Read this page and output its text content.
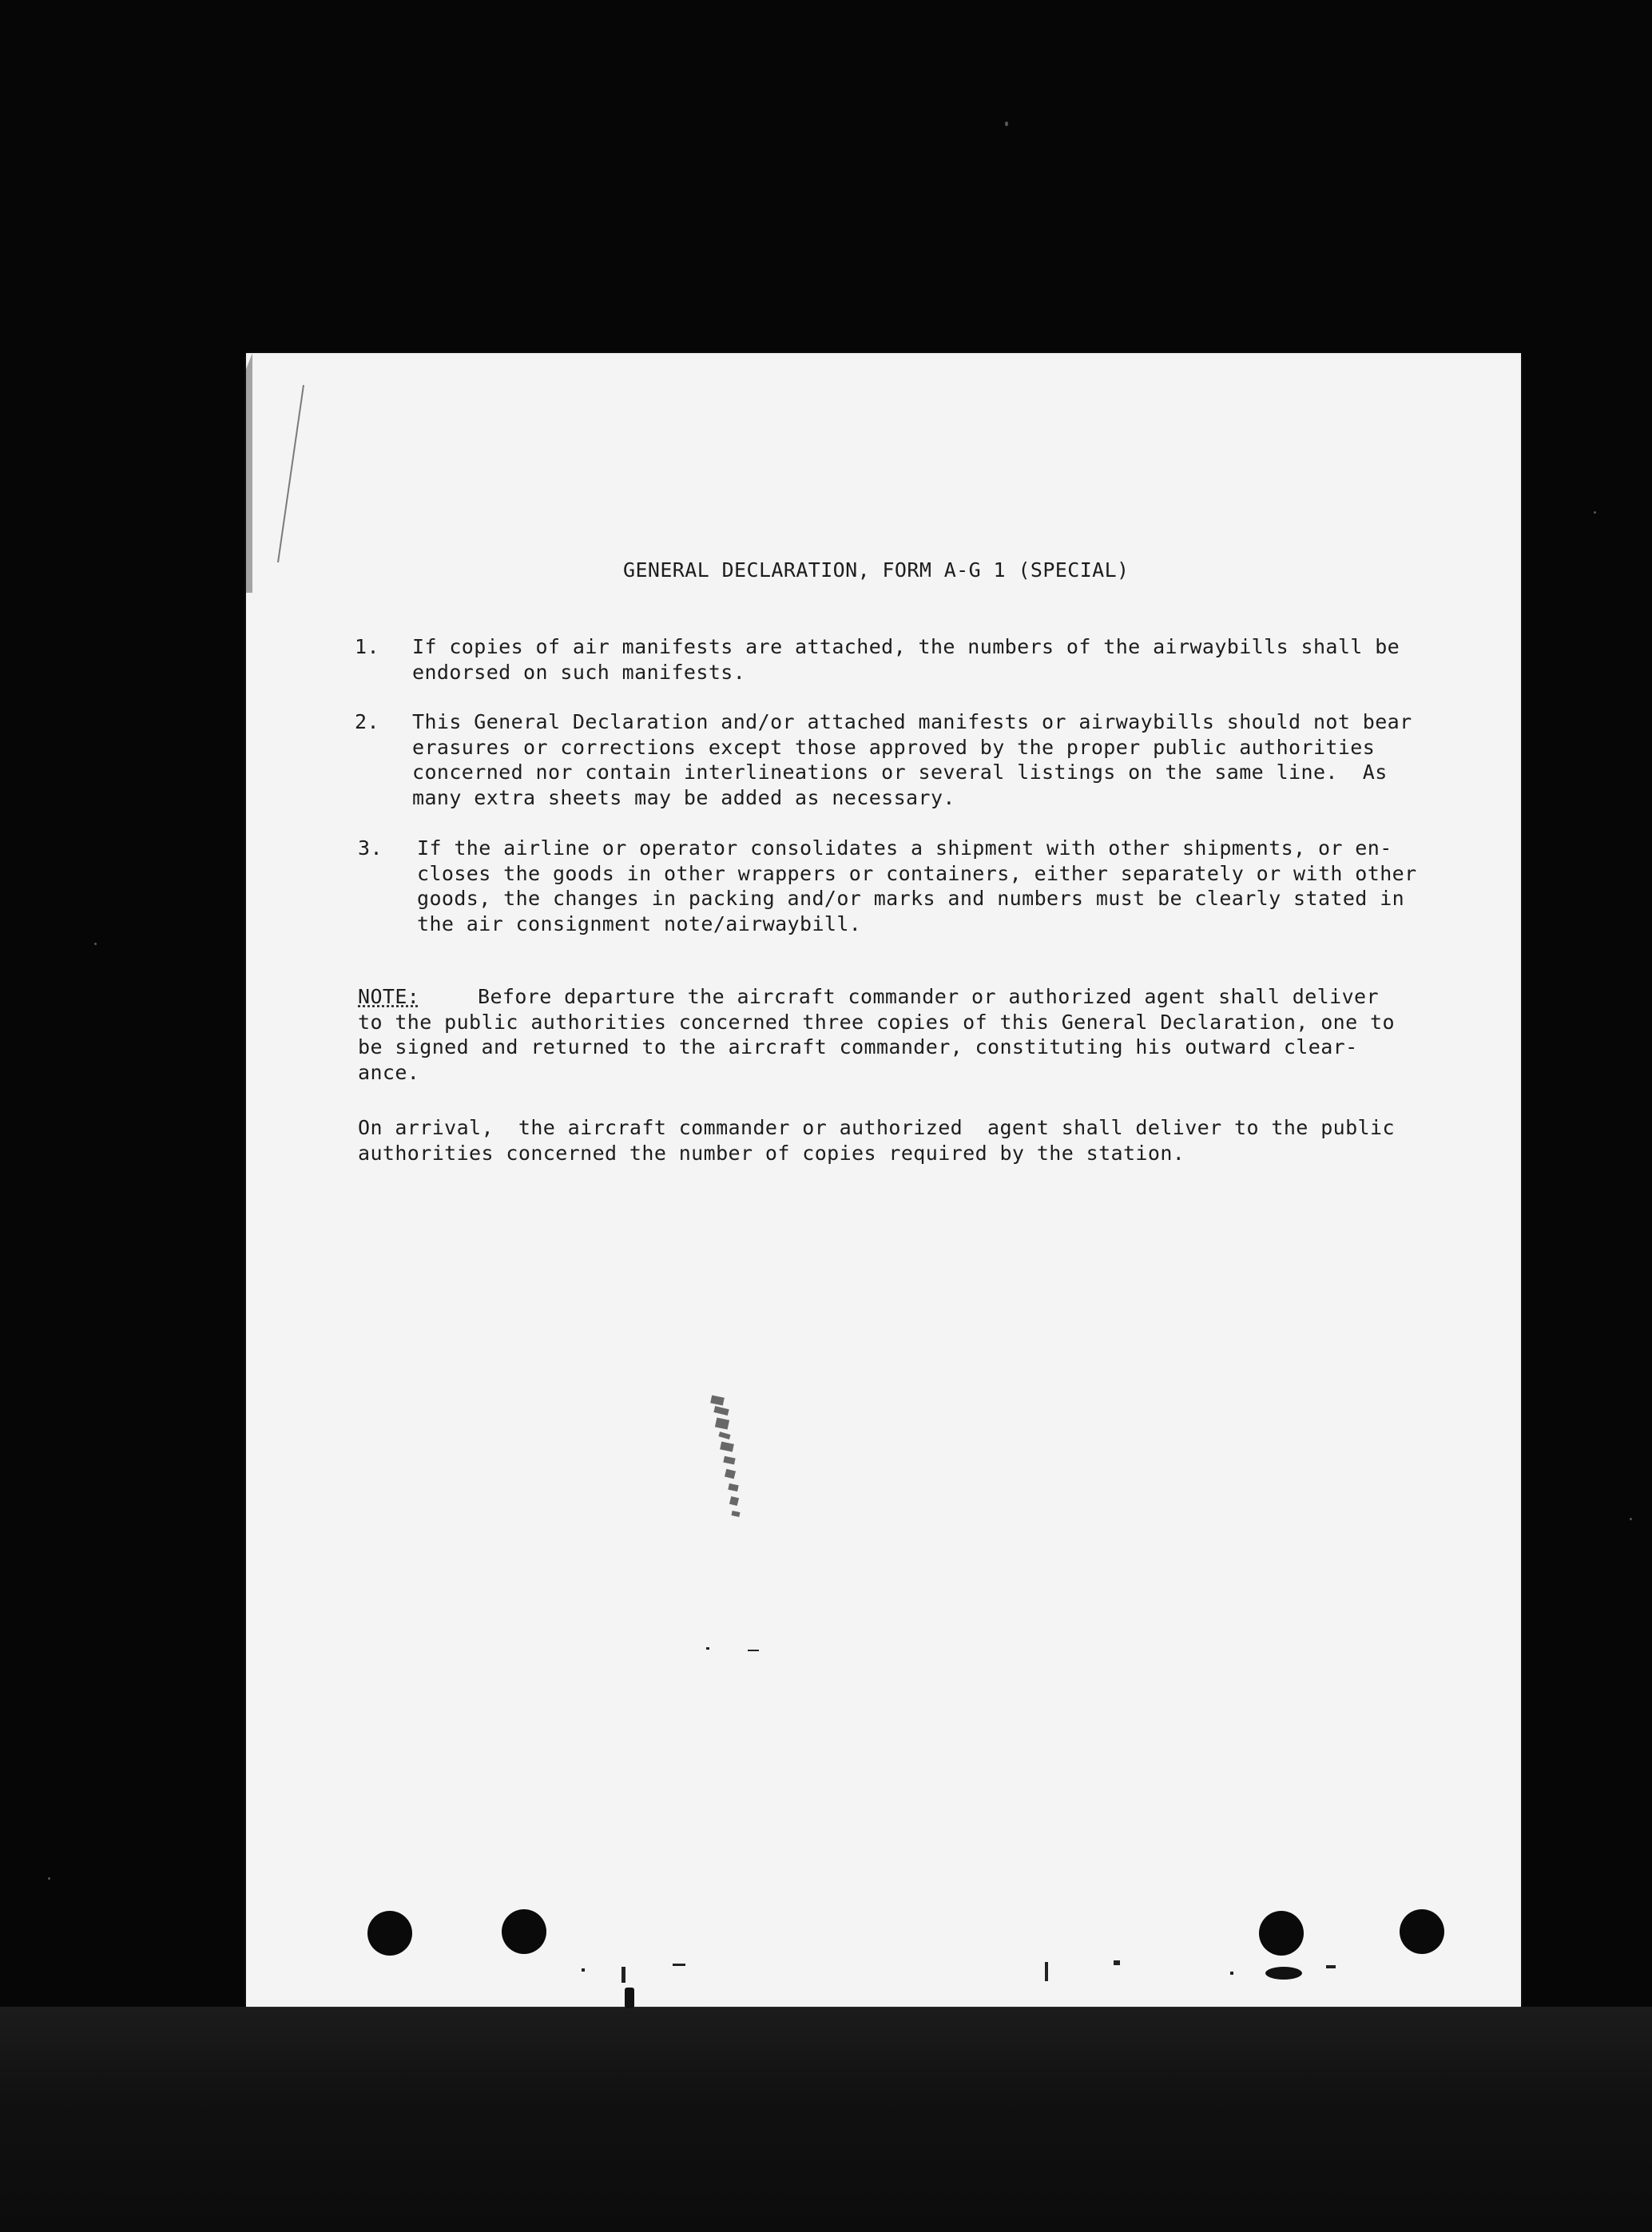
GENERAL DECLARATION, FORM A-G 1 (SPECIAL)

1. If copies of air manifests are attached, the numbers of the airwaybills shall be

endorsed on such manifests.

2. This General Declaration and/or attached manifests or airwaybills should not bear

erasures or corrections except those approved by the proper public authorities

concerned nor contain interlineations or several listings on the same line.  As

many extra sheets may be added as necessary.

3. If the airline or operator consolidates a shipment with other shipments, or en-

closes the goods in other wrappers or containers, either separately or with other

goods, the changes in packing and/or marks and numbers must be clearly stated in

the air consignment note/airwaybill.

NOTE:	Before departure the aircraft commander or authorized agent shall deliver

to the public authorities concerned three copies of this General Declaration, one to

be signed and returned to the aircraft commander, constituting his outward clear-

ance.

On arrival,  the aircraft commander or authorized  agent shall deliver to the public

authorities concerned the number of copies required by the station.
